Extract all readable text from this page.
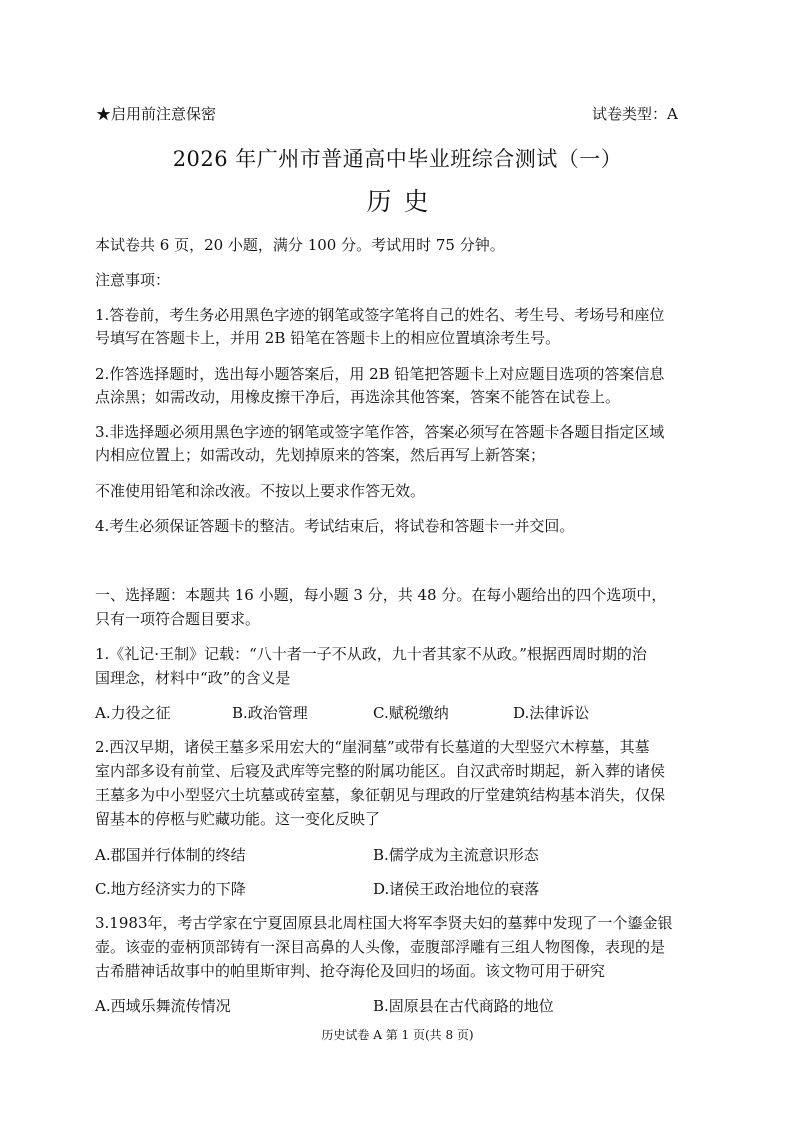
★启用前注意保密	试卷类型：A
2026 年广州市普通高中毕业班综合测试（一）
历史
本试卷共 6 页，20 小题，满分 100 分。考试用时 75 分钟。
注意事项：
1.答卷前，考生务必用黑色字迹的钢笔或签字笔将自己的姓名、考生号、考场号和座位
号填写在答题卡上，并用 2B 铅笔在答题卡上的相应位置填涂考生号。
2.作答选择题时，选出每小题答案后，用 2B 铅笔把答题卡上对应题目选项的答案信息
点涂黑；如需改动，用橡皮擦干净后，再选涂其他答案，答案不能答在试卷上。
3.非选择题必须用黑色字迹的钢笔或签字笔作答，答案必须写在答题卡各题目指定区域
内相应位置上；如需改动，先划掉原来的答案，然后再写上新答案；
不准使用铅笔和涂改液。不按以上要求作答无效。
4.考生必须保证答题卡的整洁。考试结束后，将试卷和答题卡一并交回。
一、选择题：本题共 16 小题，每小题 3 分，共 48 分。在每小题给出的四个选项中，
只有一项符合题目要求。
1.《礼记·王制》记载：“八十者一子不从政，九十者其家不从政。”根据西周时期的治
国理念，材料中“政”的含义是
A.力役之征	B.政治管理	C.赋税缴纳	D.法律诉讼
2.西汉早期，诸侯王墓多采用宏大的“崖洞墓”或带有长墓道的大型竖穴木椁墓，其墓
室内部多设有前堂、后寝及武库等完整的附属功能区。自汉武帝时期起，新入葬的诸侯
王墓多为中小型竖穴土坑墓或砖室墓，象征朝见与理政的厅堂建筑结构基本消失，仅保
留基本的停柩与贮藏功能。这一变化反映了
A.郡国并行体制的终结	B.儒学成为主流意识形态
C.地方经济实力的下降	D.诸侯王政治地位的衰落
3.1983年，考古学家在宁夏固原县北周柱国大将军李贤夫妇的墓葬中发现了一个鎏金银
壶。该壶的壶柄顶部铸有一深目高鼻的人头像，壶腹部浮雕有三组人物图像，表现的是
古希腊神话故事中的帕里斯审判、抢夺海伦及回归的场面。该文物可用于研究
A.西域乐舞流传情况	B.固原县在古代商路的地位
历史试卷 A 第 1 页(共 8 页)
